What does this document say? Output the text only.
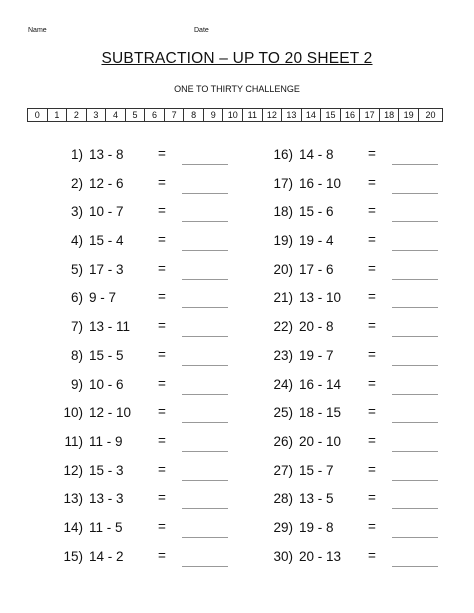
Name	Date
SUBTRACTION – UP TO 20 SHEET 2
ONE TO THIRTY CHALLENGE
0	1	2	3	4	5	6	7	8	9	10	11	12	13	14	15	16	17	18	19	20
1) 13 - 8	=
2) 12 - 6	=
3) 10 - 7	=
4) 15 - 4	=
5) 17 - 3	=
6) 9 - 7	=
7) 13 - 11 =
8) 15 - 5	=
9) 10 - 6	=
10) 12 - 10 =
11) 11 - 9	=
12) 15 - 3	=
13) 13 - 3	=
14) 11 - 5	=
15) 14 - 2	=
16) 14 - 8	=
17) 16 - 10 =
18) 15 - 6	=
19) 19 - 4	=
20) 17 - 6	=
21) 13 - 10 =
22) 20 - 8	=
23) 19 - 7	=
24) 16 - 14 =
25) 18 - 15 =
26) 20 - 10 =
27) 15 - 7	=
28) 13 - 5	=
29) 19 - 8	=
30) 20 - 13 =
